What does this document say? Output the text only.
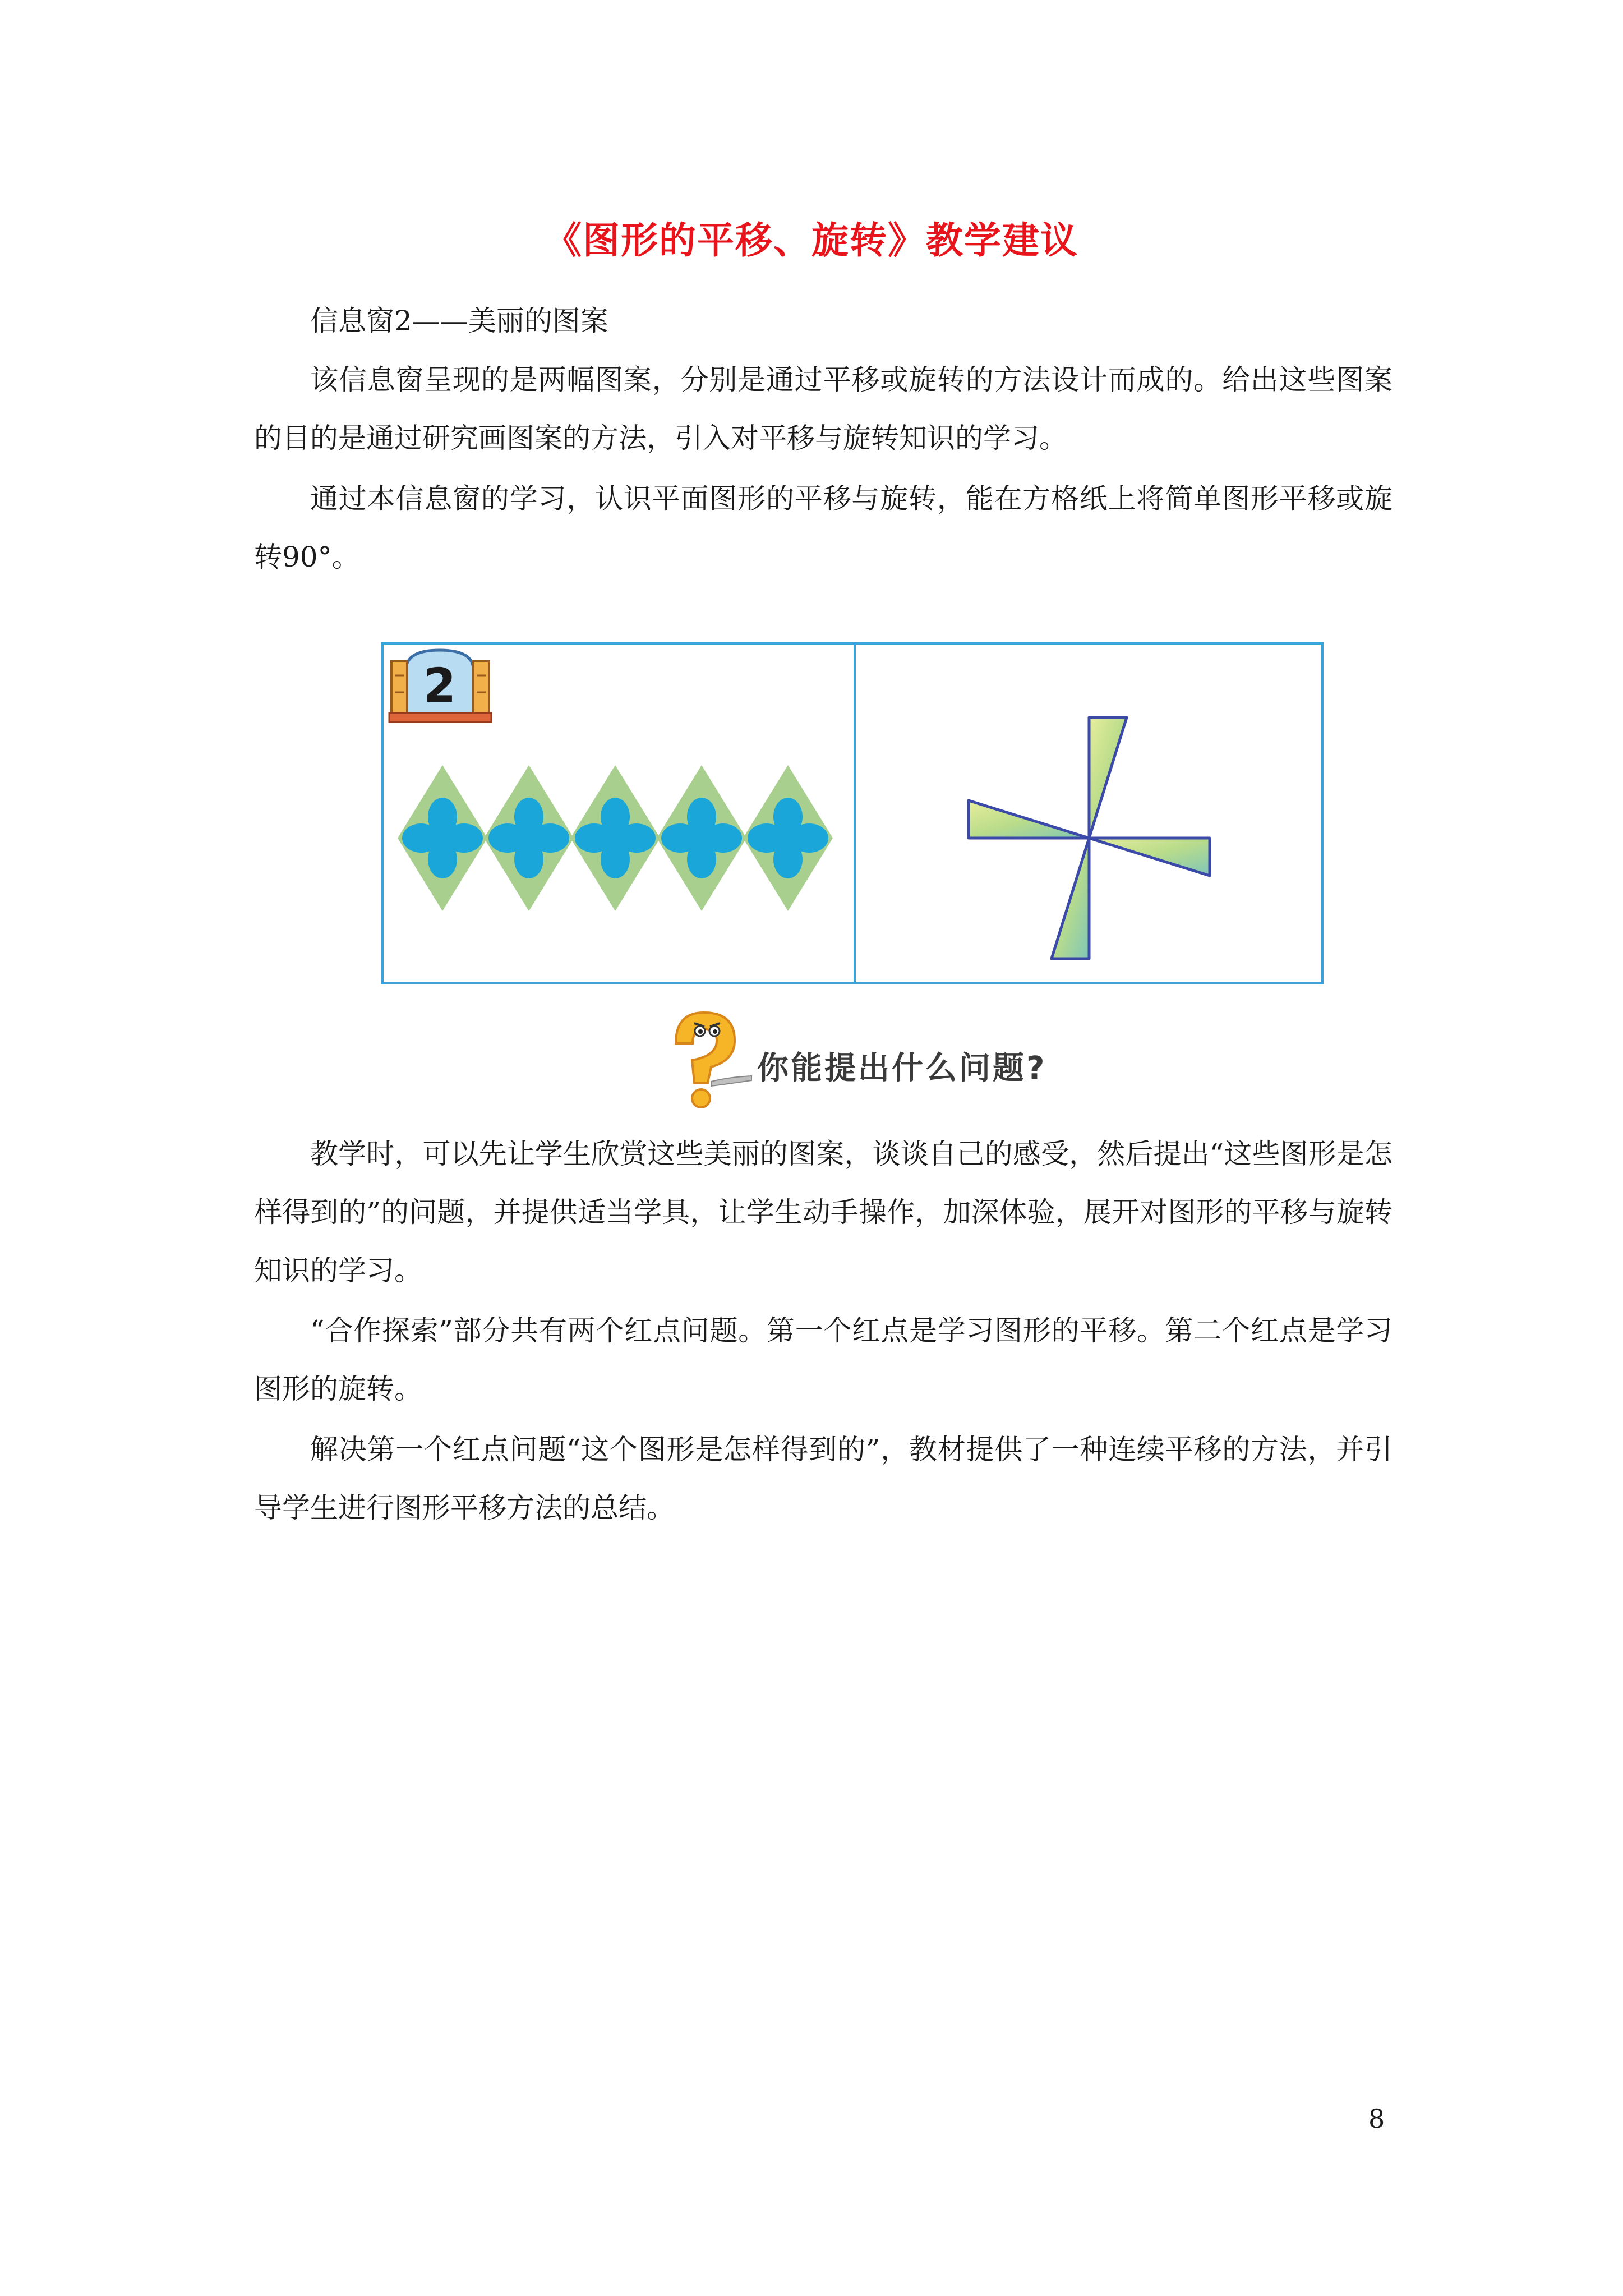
《图形的平移、旋转》教学建议

信息窗2——美丽的图案

该信息窗呈现的是两幅图案，分别是通过平移或旋转的方法设计而成的。给出这些图案的目的是通过研究画图案的方法，引入对平移与旋转知识的学习。

通过本信息窗的学习，认识平面图形的平移与旋转，能在方格纸上将简单图形平移或旋转90°。

2
你能提出什么问题?

教学时，可以先让学生欣赏这些美丽的图案，谈谈自己的感受，然后提出“这些图形是怎样得到的”的问题，并提供适当学具，让学生动手操作，加深体验，展开对图形的平移与旋转知识的学习。

“合作探索”部分共有两个红点问题。第一个红点是学习图形的平移。第二个红点是学习图形的旋转。

解决第一个红点问题“这个图形是怎样得到的”，教材提供了一种连续平移的方法，并引导学生进行图形平移方法的总结。

8
